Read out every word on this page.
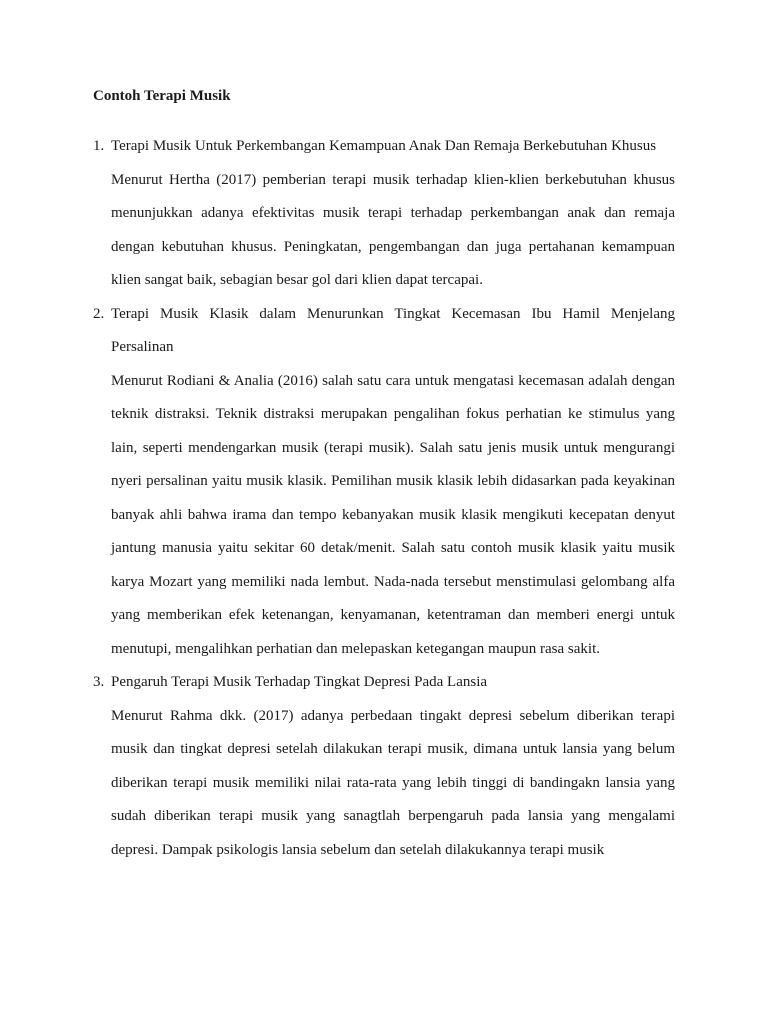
Contoh Terapi Musik
1. Terapi Musik Untuk Perkembangan Kemampuan Anak Dan Remaja Berkebutuhan Khusus

Menurut Hertha (2017) pemberian terapi musik terhadap klien-klien berkebutuhan khusus menunjukkan adanya efektivitas musik terapi terhadap perkembangan anak dan remaja dengan kebutuhan khusus. Peningkatan, pengembangan dan juga pertahanan kemampuan klien sangat baik, sebagian besar gol dari klien dapat tercapai.

2. Terapi Musik Klasik dalam Menurunkan Tingkat Kecemasan Ibu Hamil Menjelang Persalinan

Menurut Rodiani & Analia (2016) salah satu cara untuk mengatasi kecemasan adalah dengan teknik distraksi. Teknik distraksi merupakan pengalihan fokus perhatian ke stimulus yang lain, seperti mendengarkan musik (terapi musik). Salah satu jenis musik untuk mengurangi nyeri persalinan yaitu musik klasik. Pemilihan musik klasik lebih didasarkan pada keyakinan banyak ahli bahwa irama dan tempo kebanyakan musik klasik mengikuti kecepatan denyut jantung manusia yaitu sekitar 60 detak/menit. Salah satu contoh musik klasik yaitu musik karya Mozart yang memiliki nada lembut. Nada-nada tersebut menstimulasi gelombang alfa yang memberikan efek ketenangan, kenyamanan, ketentraman dan memberi energi untuk menutupi, mengalihkan perhatian dan melepaskan ketegangan maupun rasa sakit.

3. Pengaruh Terapi Musik Terhadap Tingkat Depresi Pada Lansia

Menurut Rahma dkk. (2017) adanya perbedaan tingakt depresi sebelum diberikan terapi musik dan tingkat depresi setelah dilakukan terapi musik, dimana untuk lansia yang belum diberikan terapi musik memiliki nilai rata-rata yang lebih tinggi di bandingakn lansia yang sudah diberikan terapi musik yang sanagtlah berpengaruh pada lansia yang mengalami depresi. Dampak psikologis lansia sebelum dan setelah dilakukannya terapi musik
